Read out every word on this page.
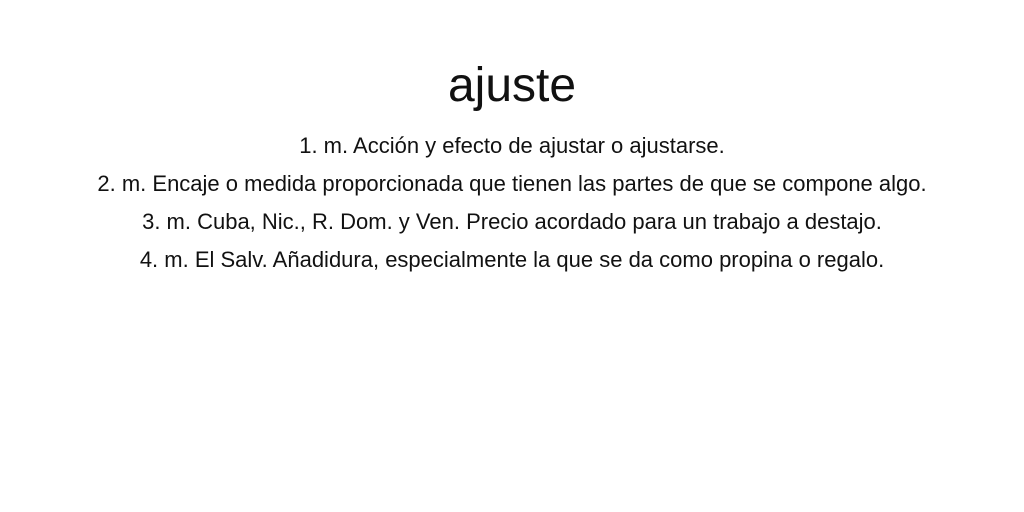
ajuste
1. m. Acción y efecto de ajustar o ajustarse.
2. m. Encaje o medida proporcionada que tienen las partes de que se compone algo.
3. m. Cuba, Nic., R. Dom. y Ven. Precio acordado para un trabajo a destajo.
4. m. El Salv. Añadidura, especialmente la que se da como propina o regalo.
